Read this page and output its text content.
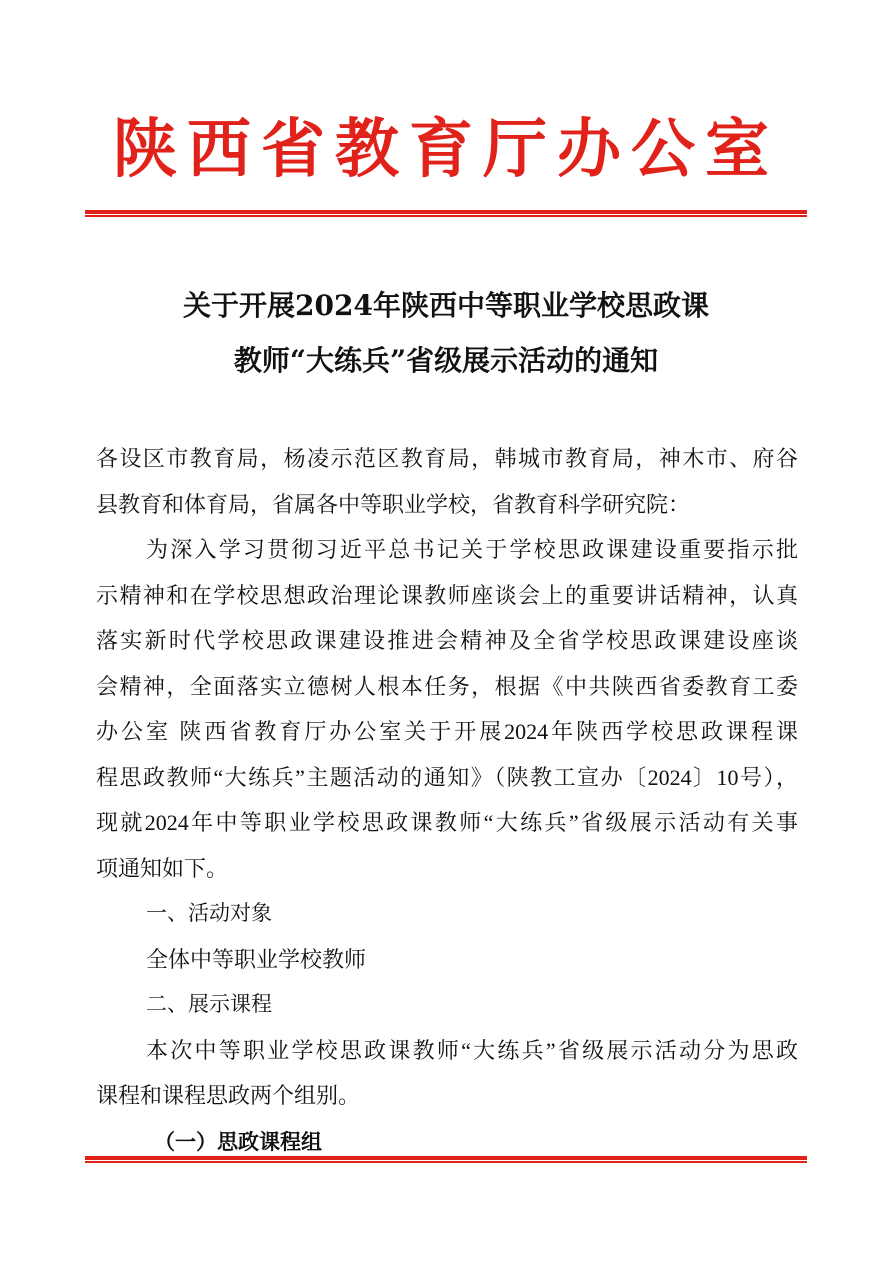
陕西省教育厅办公室
关于开展2024年陕西中等职业学校思政课
教师“大练兵”省级展示活动的通知
各设区市教育局，杨凌示范区教育局，韩城市教育局，神木市、府谷
县教育和体育局，省属各中等职业学校，省教育科学研究院：
为深入学习贯彻习近平总书记关于学校思政课建设重要指示批
示精神和在学校思想政治理论课教师座谈会上的重要讲话精神，认真
落实新时代学校思政课建设推进会精神及全省学校思政课建设座谈
会精神，全面落实立德树人根本任务，根据《中共陕西省委教育工委
办公室 陕西省教育厅办公室关于开展2024年陕西学校思政课程课
程思政教师“大练兵”主题活动的通知》（陕教工宣办〔2024〕10号），
现就2024年中等职业学校思政课教师“大练兵”省级展示活动有关事
项通知如下。
一、活动对象
全体中等职业学校教师
二、展示课程
本次中等职业学校思政课教师“大练兵”省级展示活动分为思政
课程和课程思政两个组别。
（一）思政课程组
